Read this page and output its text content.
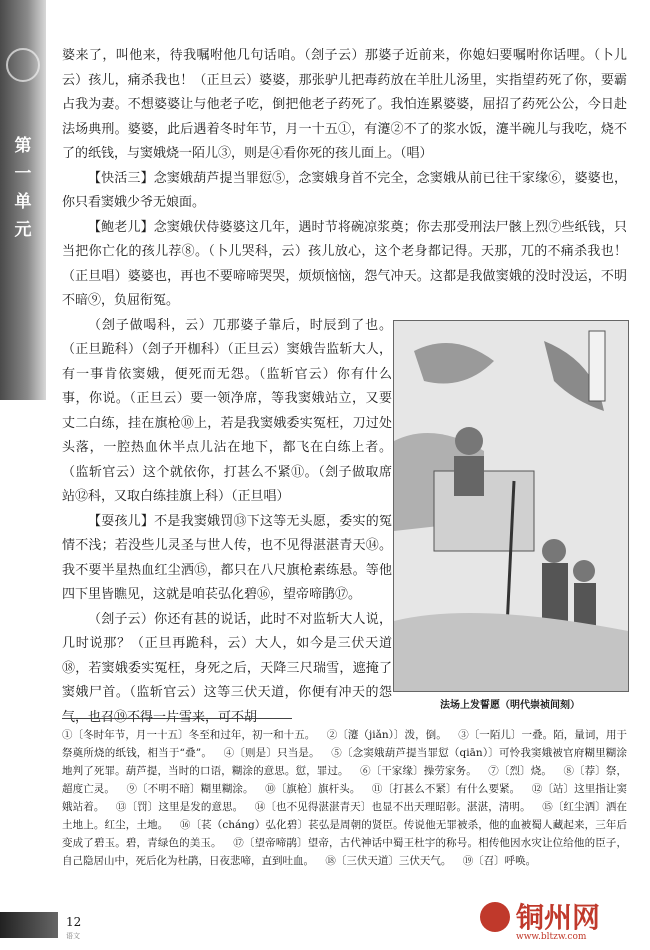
第一单元

婆来了，叫他来，待我嘱咐他几句话咱。（刽子云）那婆子近前来，你媳妇要嘱咐你话哩。（卜儿云）孩儿，痛杀我也！（正旦云）婆婆，那张驴儿把毒药放在羊肚儿汤里，实指望药死了你，要霸占我为妻。不想婆婆让与他老子吃，倒把他老子药死了。我怕连累婆婆，屈招了药死公公，今日赴法场典刑。婆婆，此后遇着冬时年节，月一十五①，有瀽②不了的浆水饭，瀽半碗儿与我吃，烧不了的纸钱，与窦娥烧一陌儿③，则是④看你死的孩儿面上。（唱）

【快活三】念窦娥葫芦提当罪愆⑤，念窦娥身首不完全，念窦娥从前已往干家缘⑥，婆婆也，你只看窦娥少爷无娘面。

【鲍老儿】念窦娥伏侍婆婆这几年，遇时节将碗凉浆奠；你去那受刑法尸骸上烈⑦些纸钱，只当把你亡化的孩儿荐⑧。（卜儿哭科，云）孩儿放心，这个老身都记得。天那，兀的不痛杀我也！（正旦唱）婆婆也，再也不要啼啼哭哭，烦烦恼恼，怨气冲天。这都是我做窦娥的没时没运，不明不暗⑨，负屈衔冤。

（刽子做喝科，云）兀那婆子靠后，时辰到了也。（正旦跪科）（刽子开枷科）（正旦云）窦娥告监斩大人，有一事肯依窦娥，便死而无怨。（监斩官云）你有什么事，你说。（正旦云）要一领净席，等我窦娥站立，又要丈二白练，挂在旗枪⑩上，若是我窦娥委实冤枉，刀过处头落，一腔热血休半点儿沾在地下，都飞在白练上者。（监斩官云）这个就依你，打甚么不紧⑪。（刽子做取席站⑫科，又取白练挂旗上科）（正旦唱）

【耍孩儿】不是我窦娥罚⑬下这等无头愿，委实的冤情不浅；若没些儿灵圣与世人传，也不见得湛湛青天⑭。我不要半星热血红尘洒⑮，都只在八尺旗枪素练悬。等他四下里皆瞧见，这就是咱苌弘化碧⑯，望帝啼鹃⑰。

（刽子云）你还有甚的说话，此时不对监斩大人说，几时说那？（正旦再跪科，云）大人，如今是三伏天道⑱，若窦娥委实冤枉，身死之后，天降三尺瑞雪，遮掩了窦娥尸首。（监斩官云）这等三伏天道，你便有冲天的怨气，也召⑲不得一片雪来，可不胡

法场上发誓愿（明代崇祯间刻）
①〔冬时年节，月一十五〕冬至和过年，初一和十五。 ②〔瀽（jiǎn）〕泼，倒。 ③〔一陌儿〕一叠。陌，量词，用于祭奠所烧的纸钱，相当于“叠”。 ④〔则是〕只当是。 ⑤〔念窦娥葫芦提当罪愆（qiān）〕可怜我窦娥被官府糊里糊涂地判了死罪。葫芦提，当时的口语，糊涂的意思。愆，罪过。 ⑥〔干家缘〕操劳家务。 ⑦〔烈〕烧。 ⑧〔荐〕祭，超度亡灵。 ⑨〔不明不暗〕糊里糊涂。 ⑩〔旗枪〕旗杆头。 ⑪〔打甚么不紧〕有什么要紧。 ⑫〔站〕这里指让窦娥站着。 ⑬〔罚〕这里是发的意思。 ⑭〔也不见得湛湛青天〕也显不出天理昭彰。湛湛，清明。 ⑮〔红尘洒〕洒在土地上。红尘，土地。 ⑯〔苌（cháng）弘化碧〕苌弘是周朝的贤臣。传说他无罪被杀，他的血被蜀人藏起来，三年后变成了碧玉。碧，青绿色的美玉。 ⑰〔望帝啼鹃〕望帝，古代神话中蜀王杜宇的称号。相传他因水灾让位给他的臣子，自己隐居山中，死后化为杜鹃，日夜悲啼，直到吐血。 ⑱〔三伏天道〕三伏天气。 ⑲〔召〕呼唤。
12
语文
铜州网
www.bltzw.com
